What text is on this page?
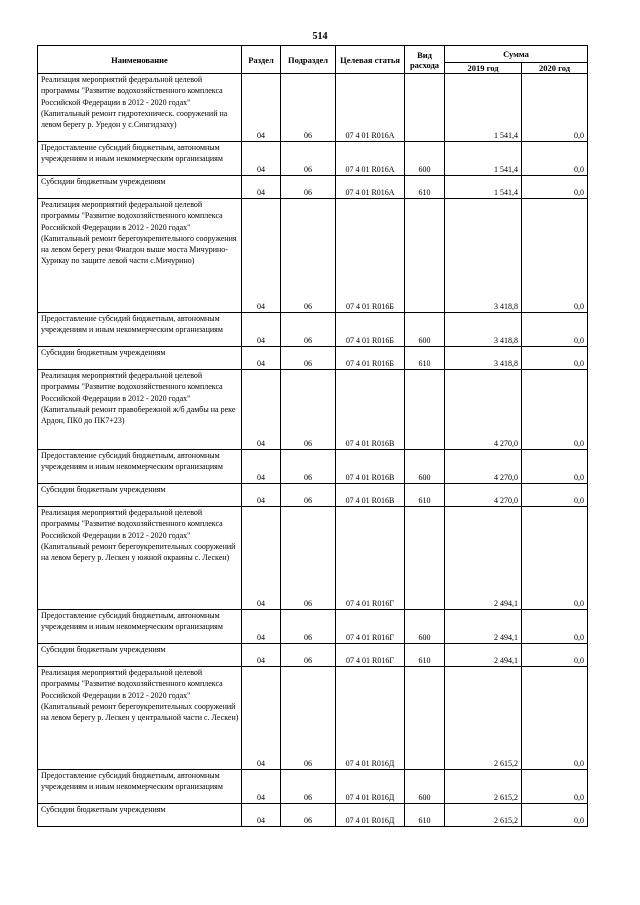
514
Наименование	Раздел	Подраздел	Целевая статья	Вид расхода	Сумма	
					2019 год	2020 год
Реализация мероприятий федеральной целевой программы "Развитие водохозяйственного комплекса Российской Федерации в 2012 - 2020 годах" (Капитальный ремонт гидротехническ. сооружений на левом берегу р. Уредон у с.Сингидзаху)	04	06	07 4 01 R016А		1 541,4	0,0
Предоставление субсидий бюджетным, автономным учреждениям и иным некоммерческим организациям	04	06	07 4 01 R016А	600	1 541,4	0,0
Субсидии бюджетным учреждениям	04	06	07 4 01 R016А	610	1 541,4	0,0
Реализация мероприятий федеральной целевой программы "Развитие водохозяйственного комплекса Российской Федерации в 2012 - 2020 годах" (Капитальный ремонт берегоукрепительного сооружения на левом берегу реки Фиагдон выше моста Мичурино-Хурикау по защите левой части с.Мичурино)	04	06	07 4 01 R016Б		3 418,8	0,0
Предоставление субсидий бюджетным, автономным учреждениям и иным некоммерческим организациям	04	06	07 4 01 R016Б	600	3 418,8	0,0
Субсидии бюджетным учреждениям	04	06	07 4 01 R016Б	610	3 418,8	0,0
Реализация мероприятий федеральной целевой программы "Развитие водохозяйственного комплекса Российской Федерации в 2012 - 2020 годах" (Капитальный ремонт правобережной ж/б дамбы на реке Ардон, ПК0 до ПК7+23)	04	06	07 4 01 R016В		4 270,0	0,0
Предоставление субсидий бюджетным, автономным учреждениям и иным некоммерческим организациям	04	06	07 4 01 R016В	600	4 270,0	0,0
Субсидии бюджетным учреждениям	04	06	07 4 01 R016В	610	4 270,0	0,0
Реализация мероприятий федеральной целевой программы "Развитие водохозяйственного комплекса Российской Федерации в 2012 - 2020 годах" (Капитальный ремонт берегоукрепительных сооружений на левом берегу р. Лескен у южной окраины с. Лескен)	04	06	07 4 01 R016Г		2 494,1	0,0
Предоставление субсидий бюджетным, автономным учреждениям и иным некоммерческим организациям	04	06	07 4 01 R016Г	600	2 494,1	0,0
Субсидии бюджетным учреждениям	04	06	07 4 01 R016Г	610	2 494,1	0,0
Реализация мероприятий федеральной целевой программы "Развитие водохозяйственного комплекса Российской Федерации в 2012 - 2020 годах" (Капитальный ремонт берегоукрепительных сооружений на левом берегу р. Лескен у центральной части с. Лескен)	04	06	07 4 01 R016Д		2 615,2	0,0
Предоставление субсидий бюджетным, автономным учреждениям и иным некоммерческим организациям	04	06	07 4 01 R016Д	600	2 615,2	0,0
Субсидии бюджетным учреждениям	04	06	07 4 01 R016Д	610	2 615,2	0,0
